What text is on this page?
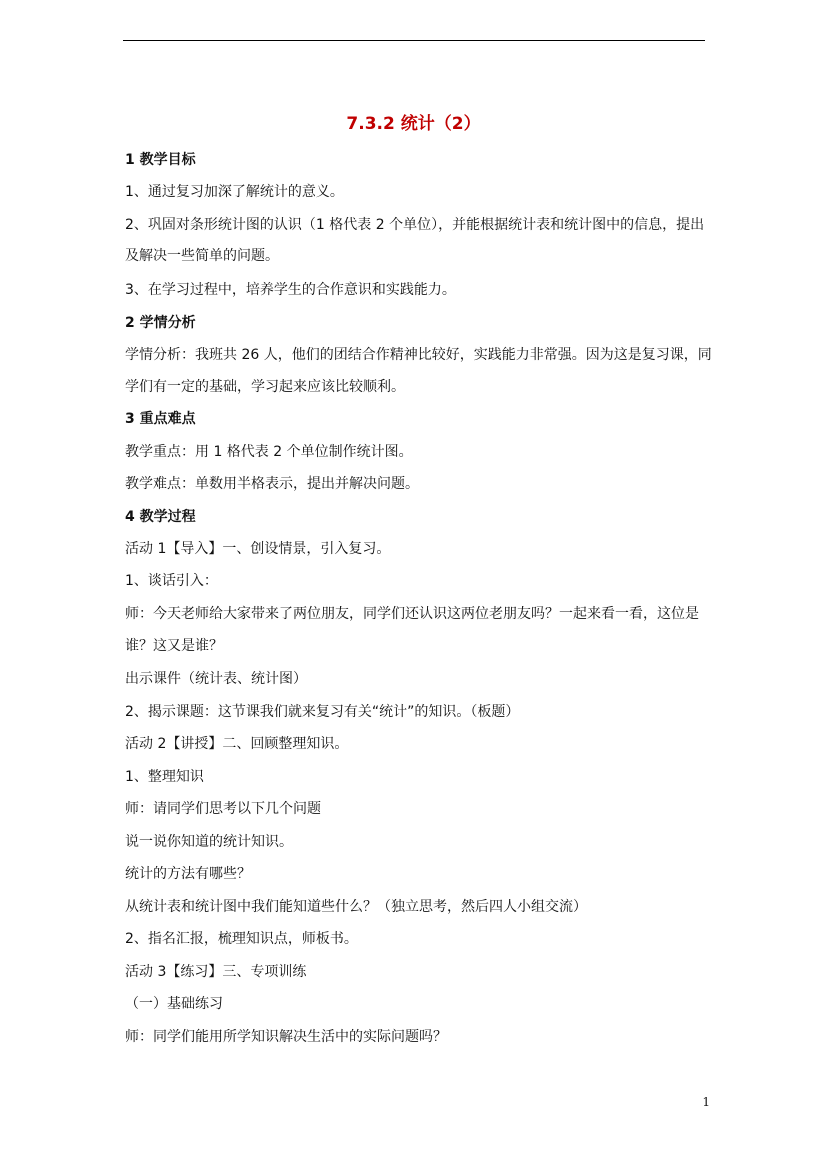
7.3.2 统计（2）
1 教学目标
1、通过复习加深了解统计的意义。
2、巩固对条形统计图的认识（1 格代表 2 个单位），并能根据统计表和统计图中的信息，提出
及解决一些简单的问题。
3、在学习过程中，培养学生的合作意识和实践能力。
2 学情分析
学情分析：我班共 26 人，他们的团结合作精神比较好，实践能力非常强。因为这是复习课，同
学们有一定的基础，学习起来应该比较顺利。
3 重点难点
教学重点：用 1 格代表 2 个单位制作统计图。
教学难点：单数用半格表示，提出并解决问题。
4 教学过程
活动 1【导入】一、创设情景，引入复习。
1、谈话引入：
师：今天老师给大家带来了两位朋友，同学们还认识这两位老朋友吗？一起来看一看，这位是
谁？这又是谁？
出示课件（统计表、统计图）
2、揭示课题：这节课我们就来复习有关“统计”的知识。（板题）
活动 2【讲授】二、回顾整理知识。
1、整理知识
师：请同学们思考以下几个问题
说一说你知道的统计知识。
统计的方法有哪些？
从统计表和统计图中我们能知道些什么？（独立思考，然后四人小组交流）
2、指名汇报，梳理知识点，师板书。
活动 3【练习】三、专项训练
（一）基础练习
师：同学们能用所学知识解决生活中的实际问题吗？
1
